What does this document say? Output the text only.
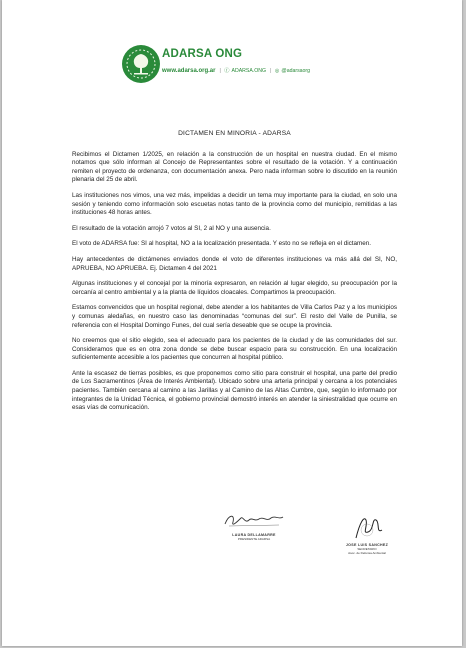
ADARSA ONG
www.adarsa.org.ar | ⓕ ADARSA.ONG | ◎ @adarsaorg
DICTAMEN EN MINORIA - ADARSA

Recibimos el Dictamen 1/2025, en relación a la construcción de un hospital en nuestra ciudad. En el mismo notamos que sólo informan al Concejo de Representantes sobre el resultado de la votación. Y a continuación remiten el proyecto de ordenanza, con documentación anexa. Pero nada informan sobre lo discutido en la reunión plenaria del 25 de abril.

Las instituciones nos vimos, una vez más, impelidas a decidir un tema muy importante para la ciudad, en solo una sesión y teniendo como información solo escuetas notas tanto de la provincia como del municipio, remitidas a las instituciones 48 horas antes.

El resultado de la votación arrojó 7 votos al SI, 2 al NO y una ausencia.

El voto de ADARSA fue: SI al hospital, NO a la localización presentada. Y esto no se refleja en el dictamen.

Hay antecedentes de dictámenes enviados donde el voto de diferentes instituciones va más allá del SI, NO, APRUEBA, NO APRUEBA. Ej. Dictamen 4 del 2021

Algunas instituciones y el concejal por la minoría expresaron, en relación al lugar elegido, su preocupación por la cercanía al centro ambiental y a la planta de líquidos cloacales. Compartimos la preocupación.

Estamos convencidos que un hospital regional, debe atender a los habitantes de Villa Carlos Paz y a los municipios y comunas aledañas, en nuestro caso las denominadas “comunas del sur”. El resto del Valle de Punilla, se referencia con el Hospital Domingo Funes, del cual sería deseable que se ocupe la provincia.

No creemos que el sitio elegido, sea el adecuado para los pacientes de la ciudad y de las comunidades del sur. Consideramos que es en otra zona donde se debe buscar espacio para su construcción. En una localización suficientemente accesible a los pacientes que concurren al hospital público.

Ante la escasez de tierras posibles, es que proponemos como sitio para construir el hospital, una parte del predio de Los Sacramentinos (Área de Interés Ambiental). Ubicado sobre una arteria principal y cercana a los potenciales pacientes. También cercana al camino a las Jarillas y al Camino de las Altas Cumbre, que, según lo informado por integrantes de la Unidad Técnica, el gobierno provincial demostró interés en atender la siniestralidad que ocurre en esas vías de comunicación.

LAURA DELLAMARRE
PRESIDENTE ADARSA
JOSE LUIS SANCHEZ
SECRETARIO
Asoc. de Defensa Ambiental
